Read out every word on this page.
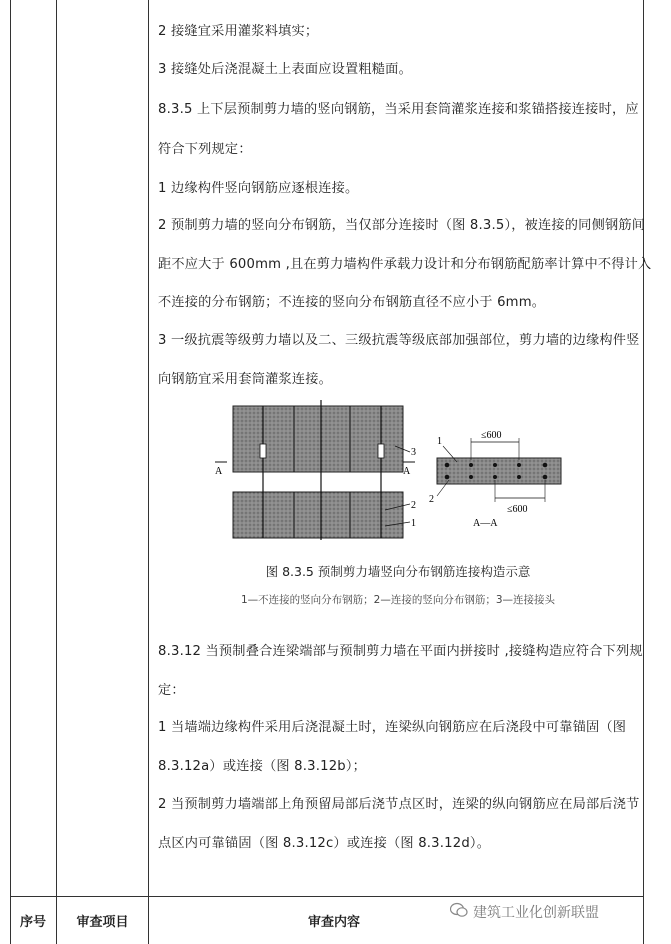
2 接缝宜采用灌浆料填实；
3 接缝处后浇混凝土上表面应设置粗糙面。
8.3.5 上下层预制剪力墙的竖向钢筋，当采用套筒灌浆连接和浆锚搭接连接时，应
符合下列规定：
1 边缘构件竖向钢筋应逐根连接。
2 预制剪力墙的竖向分布钢筋，当仅部分连接时（图 8.3.5），被连接的同侧钢筋间
距不应大于 600mm ,且在剪力墙构件承载力设计和分布钢筋配筋率计算中不得计入
不连接的分布钢筋；不连接的竖向分布钢筋直径不应小于 6mm。
3 一级抗震等级剪力墙以及二、三级抗震等级底部加强部位，剪力墙的边缘构件竖
向钢筋宜采用套筒灌浆连接。
图 8.3.5 预制剪力墙竖向分布钢筋连接构造示意
1—不连接的竖向分布钢筋；2—连接的竖向分布钢筋；3—连接接头
8.3.12 当预制叠合连梁端部与预制剪力墙在平面内拼接时 ,接缝构造应符合下列规
定：
1 当墙端边缘构件采用后浇混凝土时，连梁纵向钢筋应在后浇段中可靠锚固（图
8.3.12a）或连接（图 8.3.12b）；
2 当预制剪力墙端部上角预留局部后浇节点区时，连梁的纵向钢筋应在局部后浇节
点区内可靠锚固（图 8.3.12c）或连接（图 8.3.12d）。
A	A
3
2
1
1
2
≤600
≤600
A—A
序号	审查项目	审查内容
建筑工业化创新联盟
